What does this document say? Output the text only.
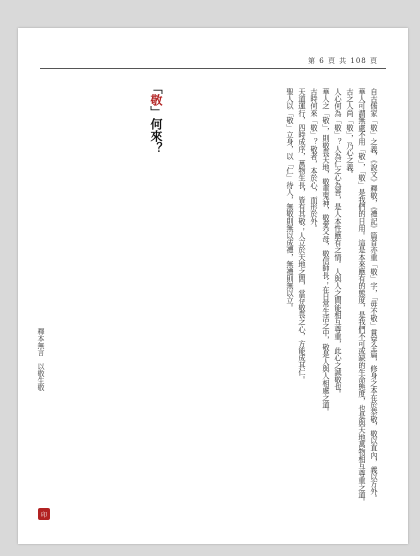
第 6 頁 共 108 頁

自古儒家「敬」之義，《說文》釋敬，《禮記》篇首亦重「敬」字，「毋不敬」貫穿全篇，修身之本在於恭敬，敬以直內，義以方外。

華人可謂無處不用「敬」，「敬」是我們的日用。這是本來應有的態度，是我們不可或缺的生命態度，也是與天地萬物相互尊重之道。

古之人尚「敬」，乃心之義。

人心何為「敬」？人為仁之心為善，是人本性應有之情。人與人之間能相互尊重，此心之誠敬也。

華人之「敬」，則敬畏天地，敬重鬼神，敬愛父母，敬信師長；在日常生活之中，敬是人與人相處之道。

古時何來「敬」？敬者，本於心，而形於外。

天道運行，四時成序，萬物生長，皆有其敬；人立於天地之間，當存敬畏之心，方能成其仁。

聖人以「敬」立身，以「仁」待人，無敬則無以成禮，無禮則無以立。

「敬」何來？
釋本無言　以敬生敬
印
